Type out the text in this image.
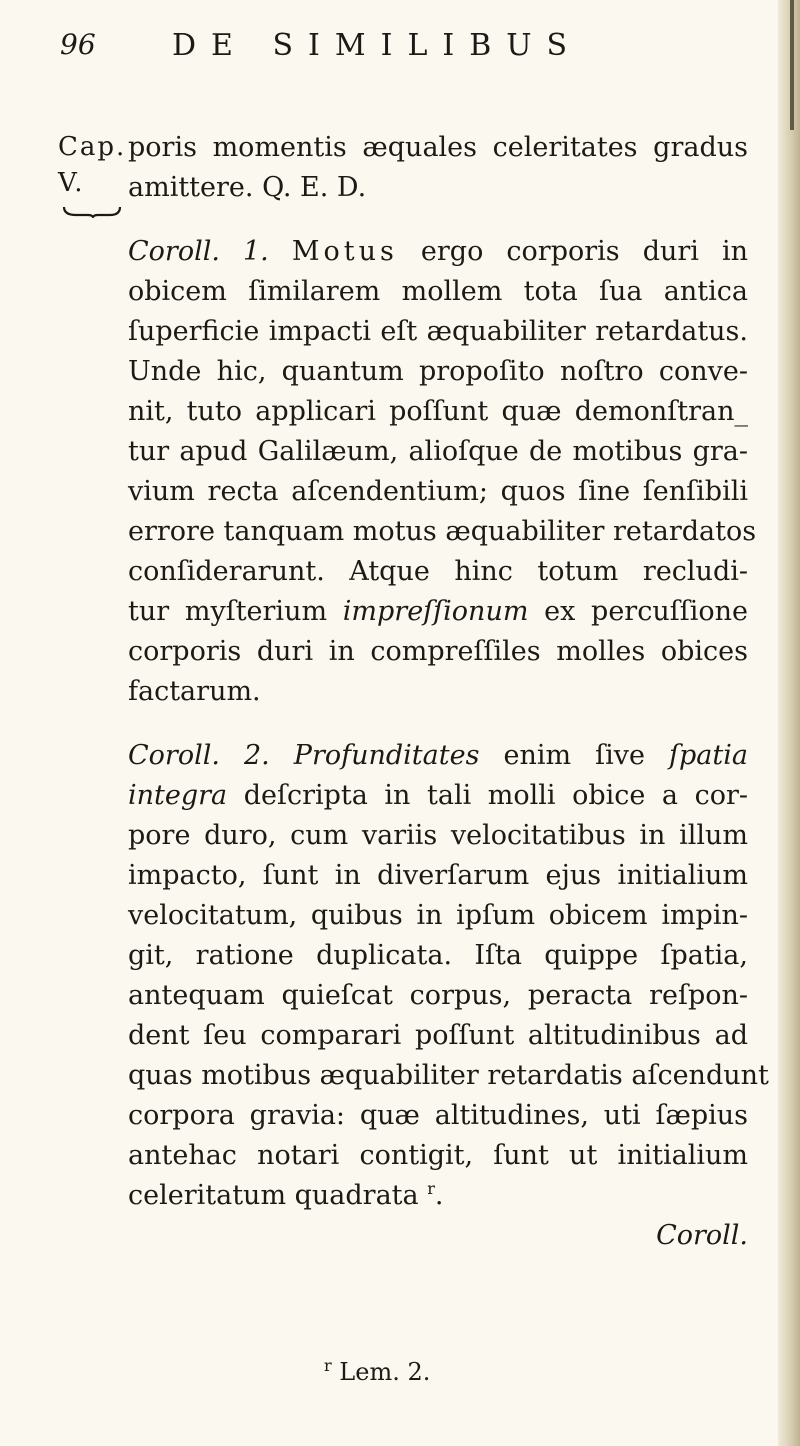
96	DE SIMILIBUS
Cap.
V.
poris momentis æquales celeritates gradus
amittere. Q. E. D.
Coroll. 1. Motus ergo corporis duri in
obicem ſimilarem mollem tota ſua antica
ſuperficie impacti eſt æquabiliter retardatus.
Unde hic, quantum propoſito noſtro conve-
nit, tuto applicari poſſunt quæ demonſtran_
tur apud Galilæum, alioſque de motibus gra-
vium recta aſcendentium; quos ſine ſenſibili
errore tanquam motus æquabiliter retardatos
conſiderarunt. Atque hinc totum recludi-
tur myſterium impreſſionum ex percuſſione
corporis duri in compreſſiles molles obices
factarum.
Coroll. 2. Profunditates enim ſive ſpatia
integra deſcripta in tali molli obice a cor-
pore duro, cum variis velocitatibus in illum
impacto, ſunt in diverſarum ejus initialium
velocitatum, quibus in ipſum obicem impin-
git, ratione duplicata. Iſta quippe ſpatia,
antequam quieſcat corpus, peracta reſpon-
dent ſeu comparari poſſunt altitudinibus ad
quas motibus æquabiliter retardatis aſcendunt
corpora gravia: quæ altitudines, uti ſæpius
antehac notari contigit, ſunt ut initialium
celeritatum quadrata $^r$.
Coroll.
$^r$ Lem. 2.
